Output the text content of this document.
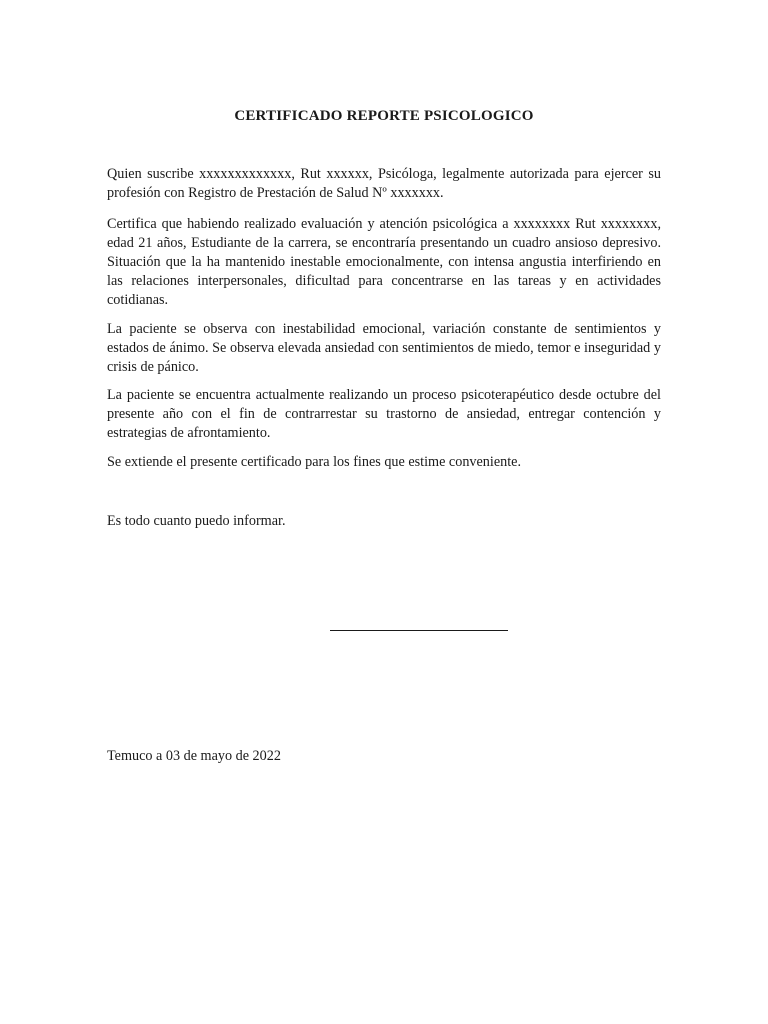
CERTIFICADO REPORTE PSICOLOGICO

Quien suscribe xxxxxxxxxxxxx, Rut xxxxxx, Psicóloga, legalmente autorizada para ejercer su profesión con Registro de Prestación de Salud Nº xxxxxxx.

Certifica que habiendo realizado evaluación y atención psicológica a xxxxxxxx Rut xxxxxxxx, edad 21 años, Estudiante de la carrera, se encontraría presentando un cuadro ansioso depresivo. Situación que la ha mantenido inestable emocionalmente, con intensa angustia interfiriendo en las relaciones interpersonales, dificultad para concentrarse en las tareas y en actividades cotidianas.

La paciente se observa con inestabilidad emocional, variación constante de sentimientos y estados de ánimo. Se observa elevada ansiedad con sentimientos de miedo, temor e inseguridad y crisis de pánico.

La paciente se encuentra actualmente realizando un proceso psicoterapéutico desde octubre del presente año con el fin de contrarrestar su trastorno de ansiedad, entregar contención y estrategias de afrontamiento.

Se extiende el presente certificado para los fines que estime conveniente.

Es todo cuanto puedo informar.

Temuco a 03 de mayo de 2022
